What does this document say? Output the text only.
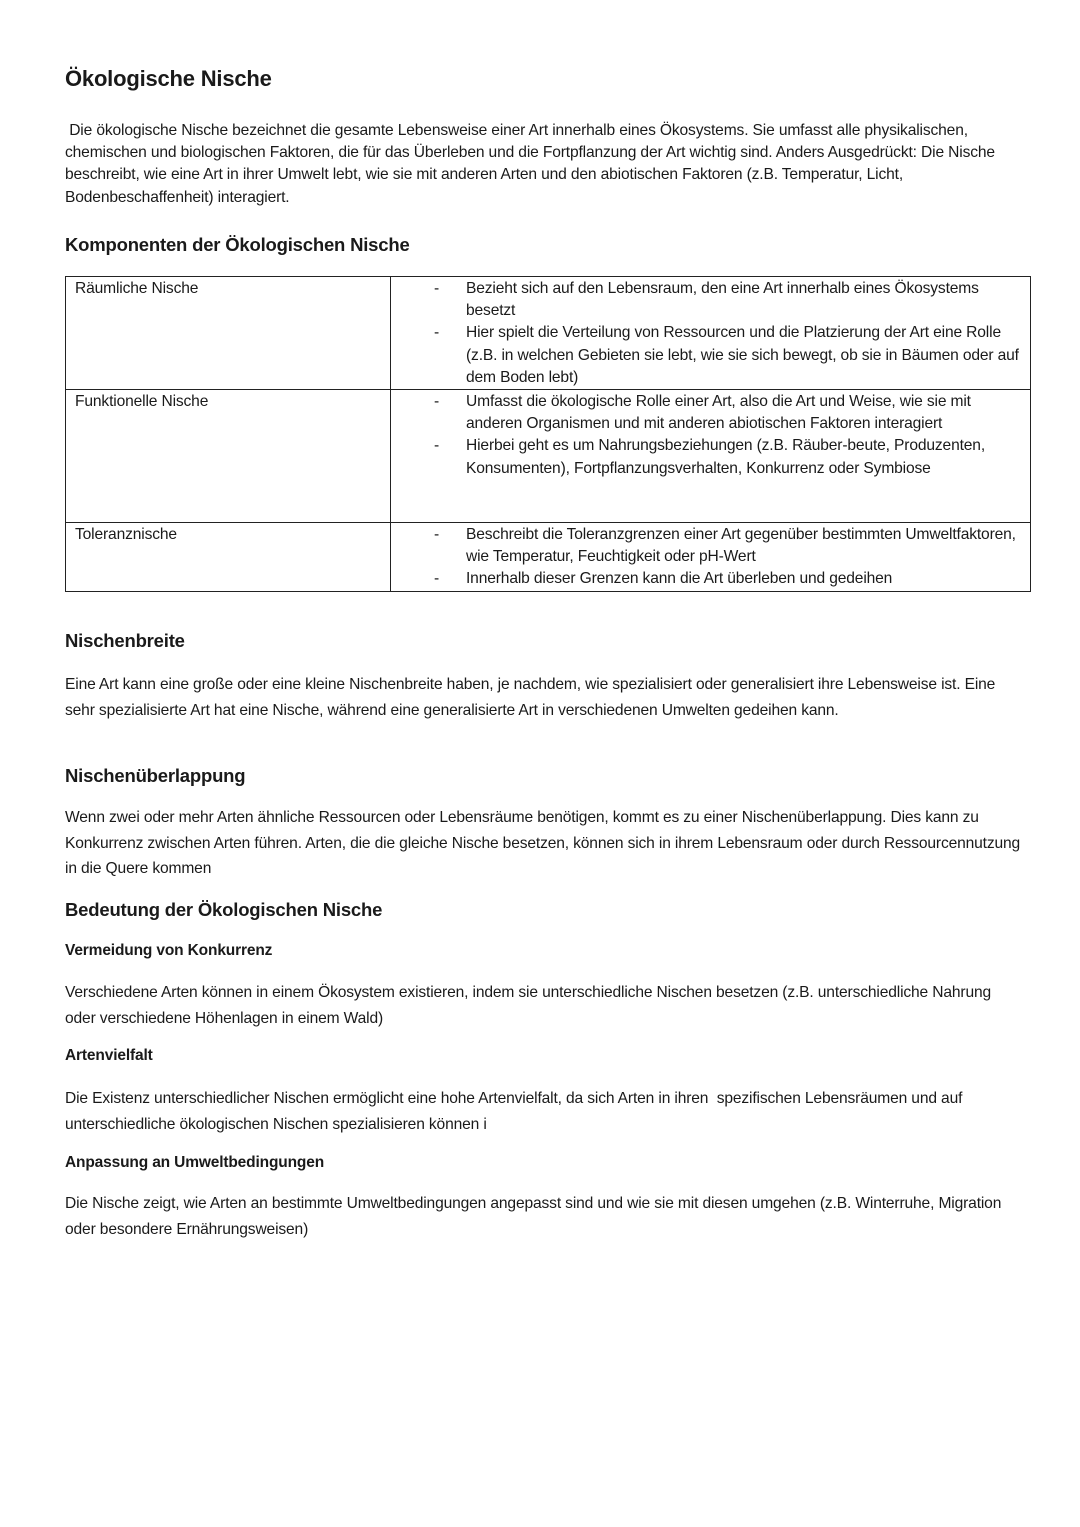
Ökologische Nische

Die ökologische Nische bezeichnet die gesamte Lebensweise einer Art innerhalb eines Ökosystems. Sie umfasst alle physikalischen, chemischen und biologischen Faktoren, die für das Überleben und die Fortpflanzung der Art wichtig sind. Anders Ausgedrückt: Die Nische beschreibt, wie eine Art in ihrer Umwelt lebt, wie sie mit anderen Arten und den abiotischen Faktoren (z.B. Temperatur, Licht, Bodenbeschaffenheit) interagiert.

Komponenten der Ökologischen Nische
Räumliche Nische	- Bezieht sich auf den Lebensraum, den eine Art innerhalb eines Ökosystems besetzt
- Hier spielt die Verteilung von Ressourcen und die Platzierung der Art eine Rolle (z.B. in welchen Gebieten sie lebt, wie sie sich bewegt, ob sie in Bäumen oder auf dem Boden lebt)

Funktionelle Nische	- Umfasst die ökologische Rolle einer Art, also die Art und Weise, wie sie mit anderen Organismen und mit anderen abiotischen Faktoren interagiert
- Hierbei geht es um Nahrungsbeziehungen (z.B. Räuber-beute, Produzenten, Konsumenten), Fortpflanzungsverhalten, Konkurrenz oder Symbiose

Toleranznische	- Beschreibt die Toleranzgrenzen einer Art gegenüber bestimmten Umweltfaktoren, wie Temperatur, Feuchtigkeit oder pH-Wert
- Innerhalb dieser Grenzen kann die Art überleben und gedeihen
Nischenbreite

Eine Art kann eine große oder eine kleine Nischenbreite haben, je nachdem, wie spezialisiert oder generalisiert ihre Lebensweise ist. Eine sehr spezialisierte Art hat eine Nische, während eine generalisierte Art in verschiedenen Umwelten gedeihen kann.

Nischenüberlappung

Wenn zwei oder mehr Arten ähnliche Ressourcen oder Lebensräume benötigen, kommt es zu einer Nischenüberlappung. Dies kann zu Konkurrenz zwischen Arten führen. Arten, die die gleiche Nische besetzen, können sich in ihrem Lebensraum oder durch Ressourcennutzung in die Quere kommen

Bedeutung der Ökologischen Nische
Vermeidung von Konkurrenz

Verschiedene Arten können in einem Ökosystem existieren, indem sie unterschiedliche Nischen besetzen (z.B. unterschiedliche Nahrung oder verschiedene Höhenlagen in einem Wald)

Artenvielfalt

Die Existenz unterschiedlicher Nischen ermöglicht eine hohe Artenvielfalt, da sich Arten in ihren  spezifischen Lebensräumen und auf unterschiedliche ökologischen Nischen spezialisieren können i

Anpassung an Umweltbedingungen

Die Nische zeigt, wie Arten an bestimmte Umweltbedingungen angepasst sind und wie sie mit diesen umgehen (z.B. Winterruhe, Migration oder besondere Ernährungsweisen)
